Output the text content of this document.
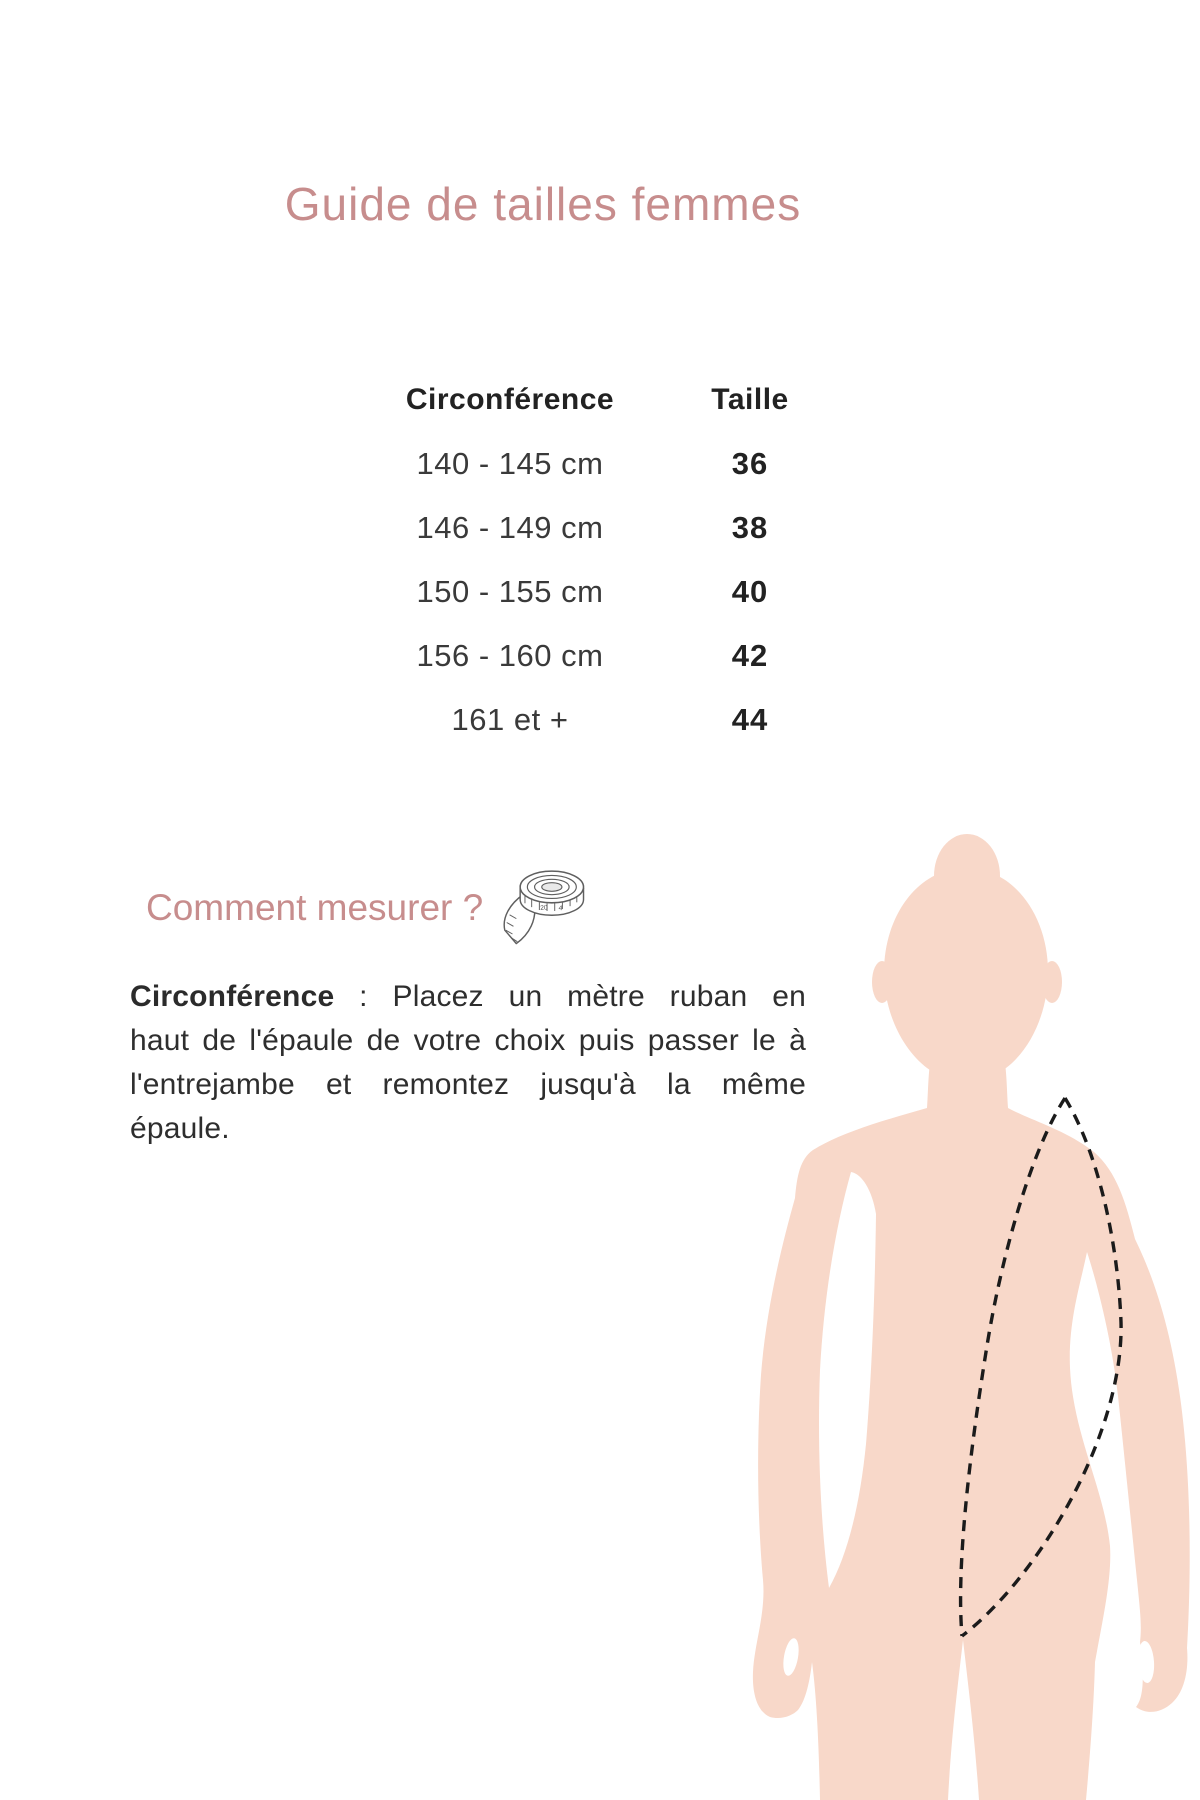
Guide de tailles femmes
Circonférence	Taille
140 - 145 cm	36
146 - 149 cm	38
150 - 155 cm	40
156 - 160 cm	42
161 et +	44
Comment mesurer ?	20 4
Circonférence : Placez un mètre ruban en
haut de l'épaule de votre choix puis passer le à
l'entrejambe et remontez jusqu'à la même
épaule.
